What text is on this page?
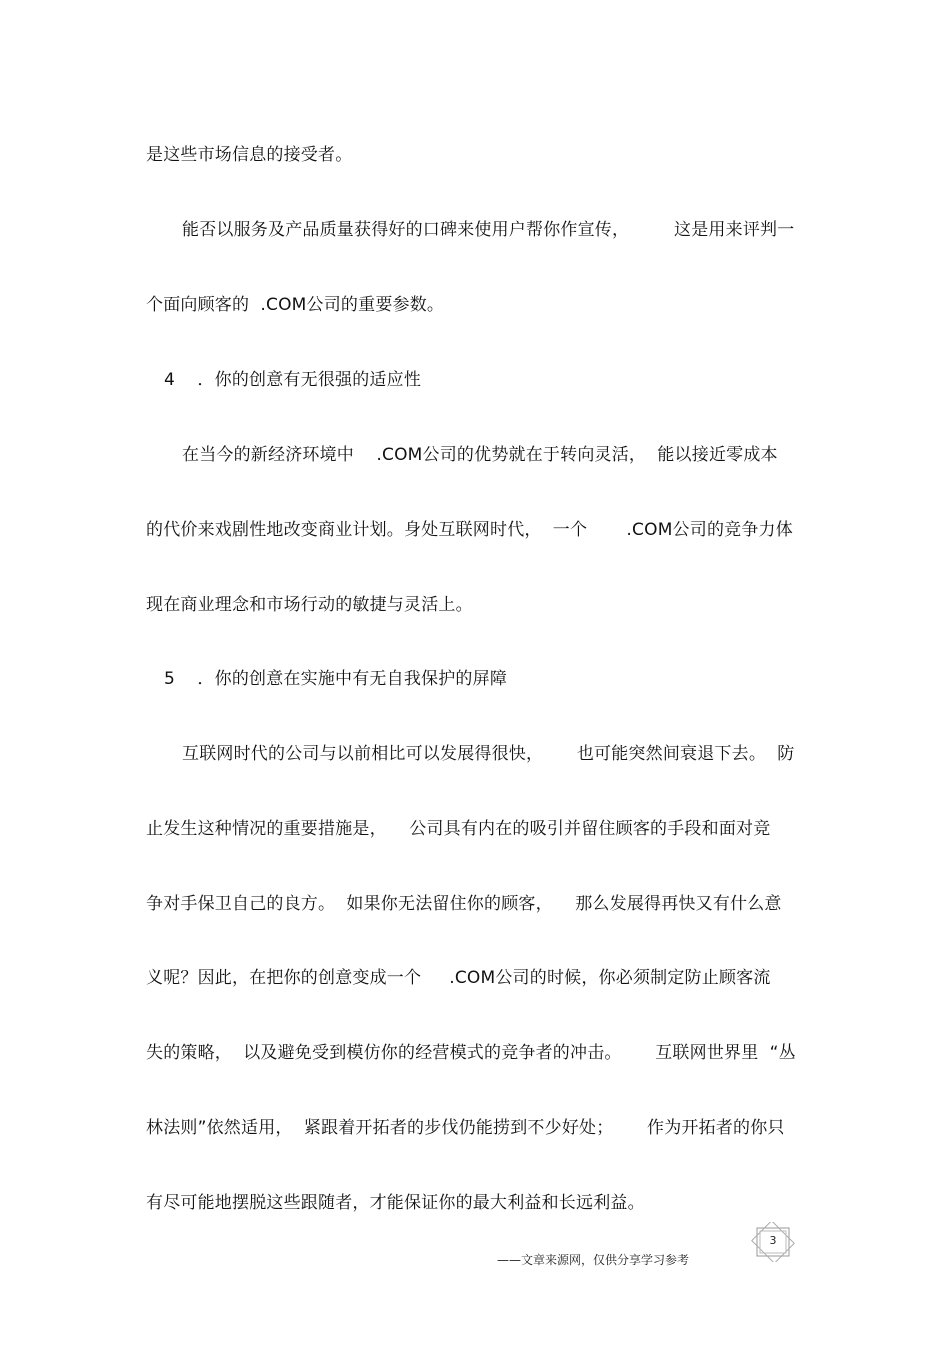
是这些市场信息的接受者。
能否以服务及产品质量获得好的口碑来使用户帮你作宣传，        这是用来评判一
个面向顾客的  .COM公司的重要参数。
4    ．你的创意有无很强的适应性
在当今的新经济环境中    .COM公司的优势就在于转向灵活，  能以接近零成本
的代价来戏剧性地改变商业计划。身处互联网时代，  一个       .COM公司的竞争力体
现在商业理念和市场行动的敏捷与灵活上。
5    ．你的创意在实施中有无自我保护的屏障
互联网时代的公司与以前相比可以发展得很快，      也可能突然间衰退下去。  防
止发生这种情况的重要措施是，    公司具有内在的吸引并留住顾客的手段和面对竞
争对手保卫自己的良方。  如果你无法留住你的顾客，    那么发展得再快又有什么意
义呢？因此，在把你的创意变成一个     .COM公司的时候，你必须制定防止顾客流
失的策略，  以及避免受到模仿你的经营模式的竞争者的冲击。      互联网世界里  “丛
林法则”依然适用，  紧跟着开拓者的步伐仍能捞到不少好处；      作为开拓者的你只
有尽可能地摆脱这些跟随者，才能保证你的最大利益和长远利益。
3
——文章来源网，仅供分享学习参考
